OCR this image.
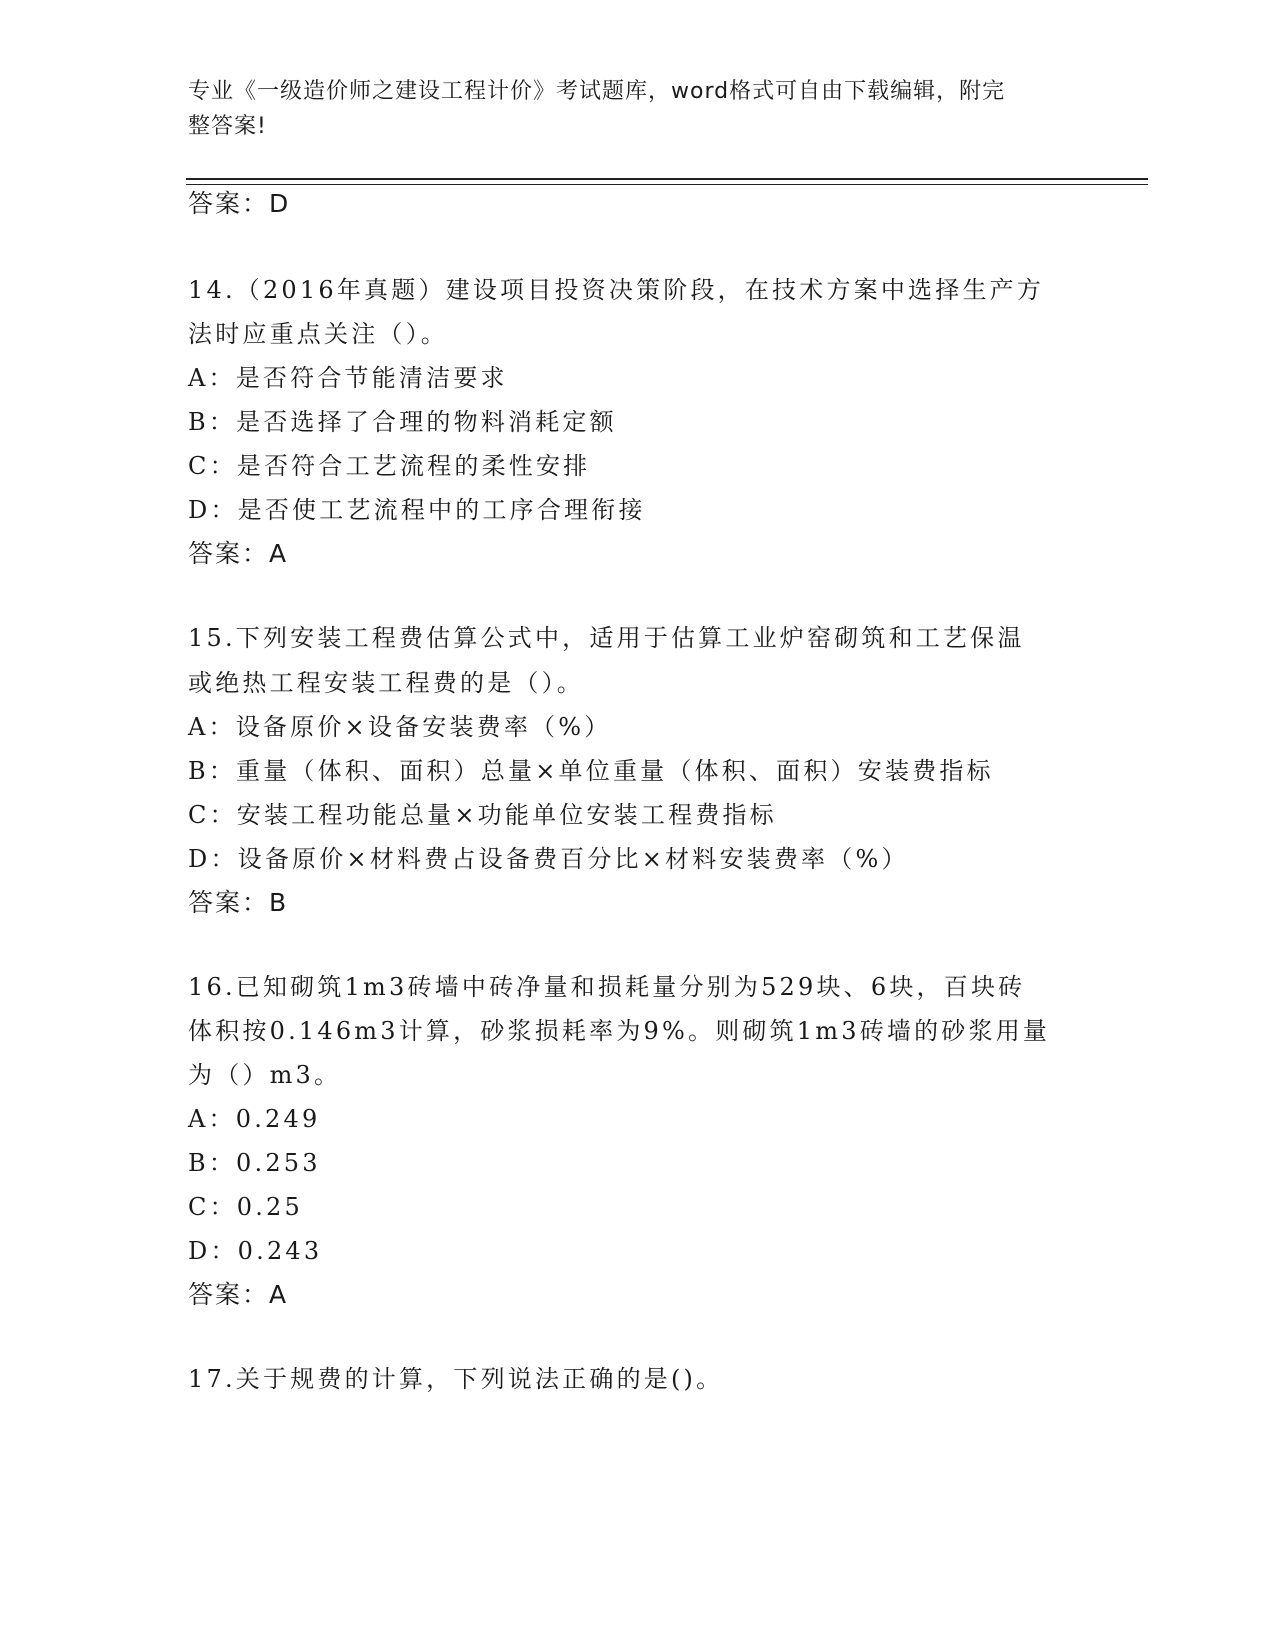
专业《一级造价师之建设工程计价》考试题库，word格式可自由下载编辑，附完
整答案!
答案：D
14.（2016年真题）建设项目投资决策阶段，在技术方案中选择生产方
法时应重点关注（）。
A：是否符合节能清洁要求
B：是否选择了合理的物料消耗定额
C：是否符合工艺流程的柔性安排
D：是否使工艺流程中的工序合理衔接
答案：A
15.下列安装工程费估算公式中，适用于估算工业炉窑砌筑和工艺保温
或绝热工程安装工程费的是（）。
A：设备原价×设备安装费率（%）
B：重量（体积、面积）总量×单位重量（体积、面积）安装费指标
C：安装工程功能总量×功能单位安装工程费指标
D：设备原价×材料费占设备费百分比×材料安装费率（%）
答案：B
16.已知砌筑1m3砖墙中砖净量和损耗量分别为529块、6块，百块砖
体积按0.146m3计算，砂浆损耗率为9%。则砌筑1m3砖墙的砂浆用量
为（）m3。
A：0.249
B：0.253
C：0.25
D：0.243
答案：A
17.关于规费的计算，下列说法正确的是()。
